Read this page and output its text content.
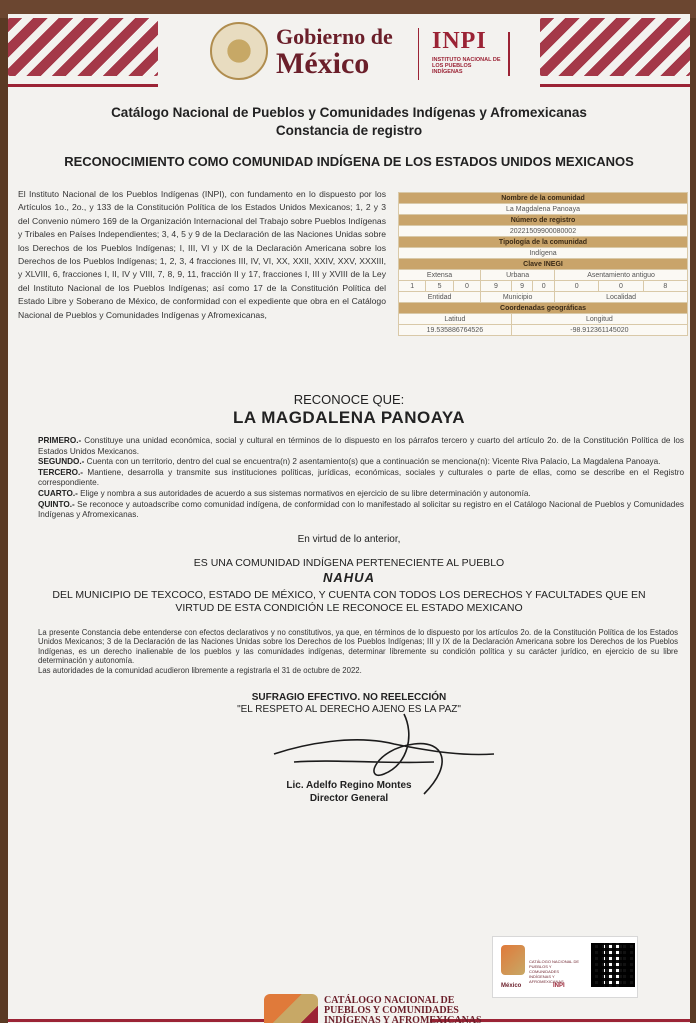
Gobierno de
México
INPI
INSTITUTO NACIONAL DE LOS PUEBLOS INDÍGENAS
Catálogo Nacional de Pueblos y Comunidades Indígenas y Afromexicanas
Constancia de registro
RECONOCIMIENTO COMO COMUNIDAD INDÍGENA DE LOS ESTADOS UNIDOS MEXICANOS
El Instituto Nacional de los Pueblos Indígenas (INPI), con fundamento en lo dispuesto por los Artículos 1o., 2o., y 133 de la Constitución Política de los Estados Unidos Mexicanos; 1, 2 y 3 del Convenio número 169 de la Organización Internacional del Trabajo sobre Pueblos Indígenas y Tribales en Países Independientes; 3, 4, 5 y 9 de la Declaración de las Naciones Unidas sobre los Derechos de los Pueblos Indígenas; I, III, VI y IX de la Declaración Americana sobre los Derechos de los Pueblos Indígenas; 1, 2, 3, 4 fracciones III, IV, VI, XX, XXII, XXIV, XXV, XXXIII, y XLVIII, 6, fracciones I, II, IV y VIII, 7, 8, 9, 11, fracción II y 17, fracciones I, III y XVIII de la Ley del Instituto Nacional de los Pueblos Indígenas; así como 17 de la Constitución Política del Estado Libre y Soberano de México, de conformidad con el expediente que obra en el Catálogo Nacional de Pueblos y Comunidades Indígenas y Afromexicanas,
Nombre de la comunidad								
La Magdalena Panoaya								
Número de registro								
20221509900080002								
Tipología de la comunidad								
Indígena								
Clave INEGI								
Extensa			Urbana			Asentamiento antiguo		
1	5	0	9	9	0	0	0	8
Entidad			Municipio			Localidad		
Coordenadas geográficas								
Latitud				Longitud				
19.535886764526				-98.912361145020				
RECONOCE QUE:
LA MAGDALENA PANOAYA
PRIMERO.- Constituye una unidad económica, social y cultural en términos de lo dispuesto en los párrafos tercero y cuarto del artículo 2o. de la Constitución Política de los Estados Unidos Mexicanos.
SEGUNDO.- Cuenta con un territorio, dentro del cual se encuentra(n) 2 asentamiento(s) que a continuación se menciona(n): Vicente Riva Palacio, La Magdalena Panoaya.
TERCERO.- Mantiene, desarrolla y transmite sus instituciones políticas, jurídicas, económicas, sociales y culturales o parte de ellas, como se describe en el Registro correspondiente.
CUARTO.- Elige y nombra a sus autoridades de acuerdo a sus sistemas normativos en ejercicio de su libre determinación y autonomía.
QUINTO.- Se reconoce y autoadscribe como comunidad indígena, de conformidad con lo manifestado al solicitar su registro en el Catálogo Nacional de Pueblos y Comunidades Indígenas y Afromexicanas.
En virtud de lo anterior,
ES UNA COMUNIDAD INDÍGENA PERTENECIENTE AL PUEBLO
NAHUA
DEL MUNICIPIO DE TEXCOCO, ESTADO DE MÉXICO, Y CUENTA CON TODOS LOS DERECHOS Y FACULTADES QUE EN VIRTUD DE ESTA CONDICIÓN LE RECONOCE EL ESTADO MEXICANO
La presente Constancia debe entenderse con efectos declarativos y no constitutivos, ya que, en términos de lo dispuesto por los artículos 2o. de la Constitución Política de los Estados Unidos Mexicanos; 3 de la Declaración de las Naciones Unidas sobre los Derechos de los Pueblos Indígenas; III y IX de la Declaración Americana sobre los Derechos de los Pueblos Indígenas, es un derecho inalienable de los pueblos y las comunidades indígenas, determinar libremente su condición política y su carácter jurídico, en ejercicio de su libre determinación y autonomía.
Las autoridades de la comunidad acudieron libremente a registrarla el 31 de octubre de 2022.
SUFRAGIO EFECTIVO. NO REELECCIÓN
"EL RESPETO AL DERECHO AJENO ES LA PAZ"
Lic. Adelfo Regino Montes
Director General
CATÁLOGO NACIONAL DE PUEBLOS Y COMUNIDADES INDÍGENAS Y AFROMEXICANAS
México	INPI
CATÁLOGO NACIONAL DE
PUEBLOS Y COMUNIDADES
INDÍGENAS Y AFROMEXICANAS
